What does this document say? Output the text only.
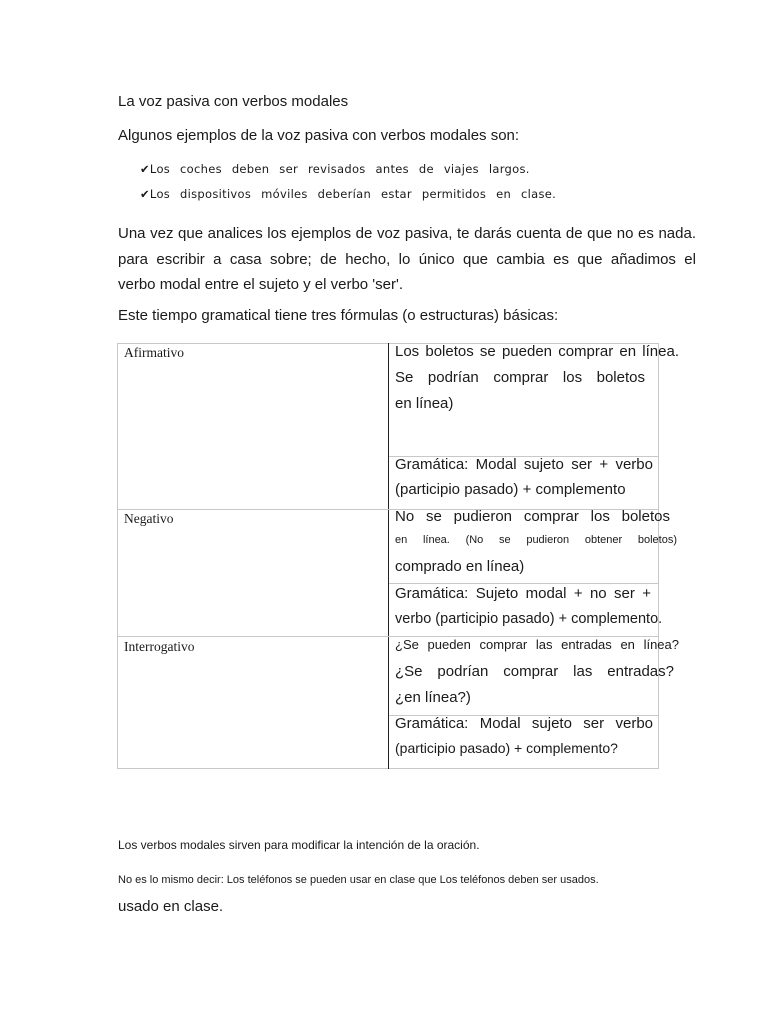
La voz pasiva con verbos modales
Algunos ejemplos de la voz pasiva con verbos modales son:
✔Los coches deben ser revisados antes de viajes largos.
✔Los dispositivos móviles deberían estar permitidos en clase.
Una vez que analices los ejemplos de voz pasiva, te darás cuenta de que no es nada.
para escribir a casa sobre; de hecho, lo único que cambia es que añadimos el
verbo modal entre el sujeto y el verbo 'ser'.
Este tiempo gramatical tiene tres fórmulas (o estructuras) básicas:
Afirmativo
Negativo
Interrogativo
Los boletos se pueden comprar en línea.
Se podrían comprar los boletos
en línea)
Gramática: Modal sujeto ser + verbo
(participio pasado) + complemento
No se pudieron comprar los boletos
en línea. (No se pudieron obtener boletos)
comprado en línea)
Gramática: Sujeto modal + no ser +
verbo (participio pasado) + complemento.
¿Se pueden comprar las entradas en línea?
¿Se podrían comprar las entradas?
¿en línea?)
Gramática: Modal sujeto ser verbo
(participio pasado) + complemento?
Los verbos modales sirven para modificar la intención de la oración.
No es lo mismo decir: Los teléfonos se pueden usar en clase que Los teléfonos deben ser usados.
usado en clase.
